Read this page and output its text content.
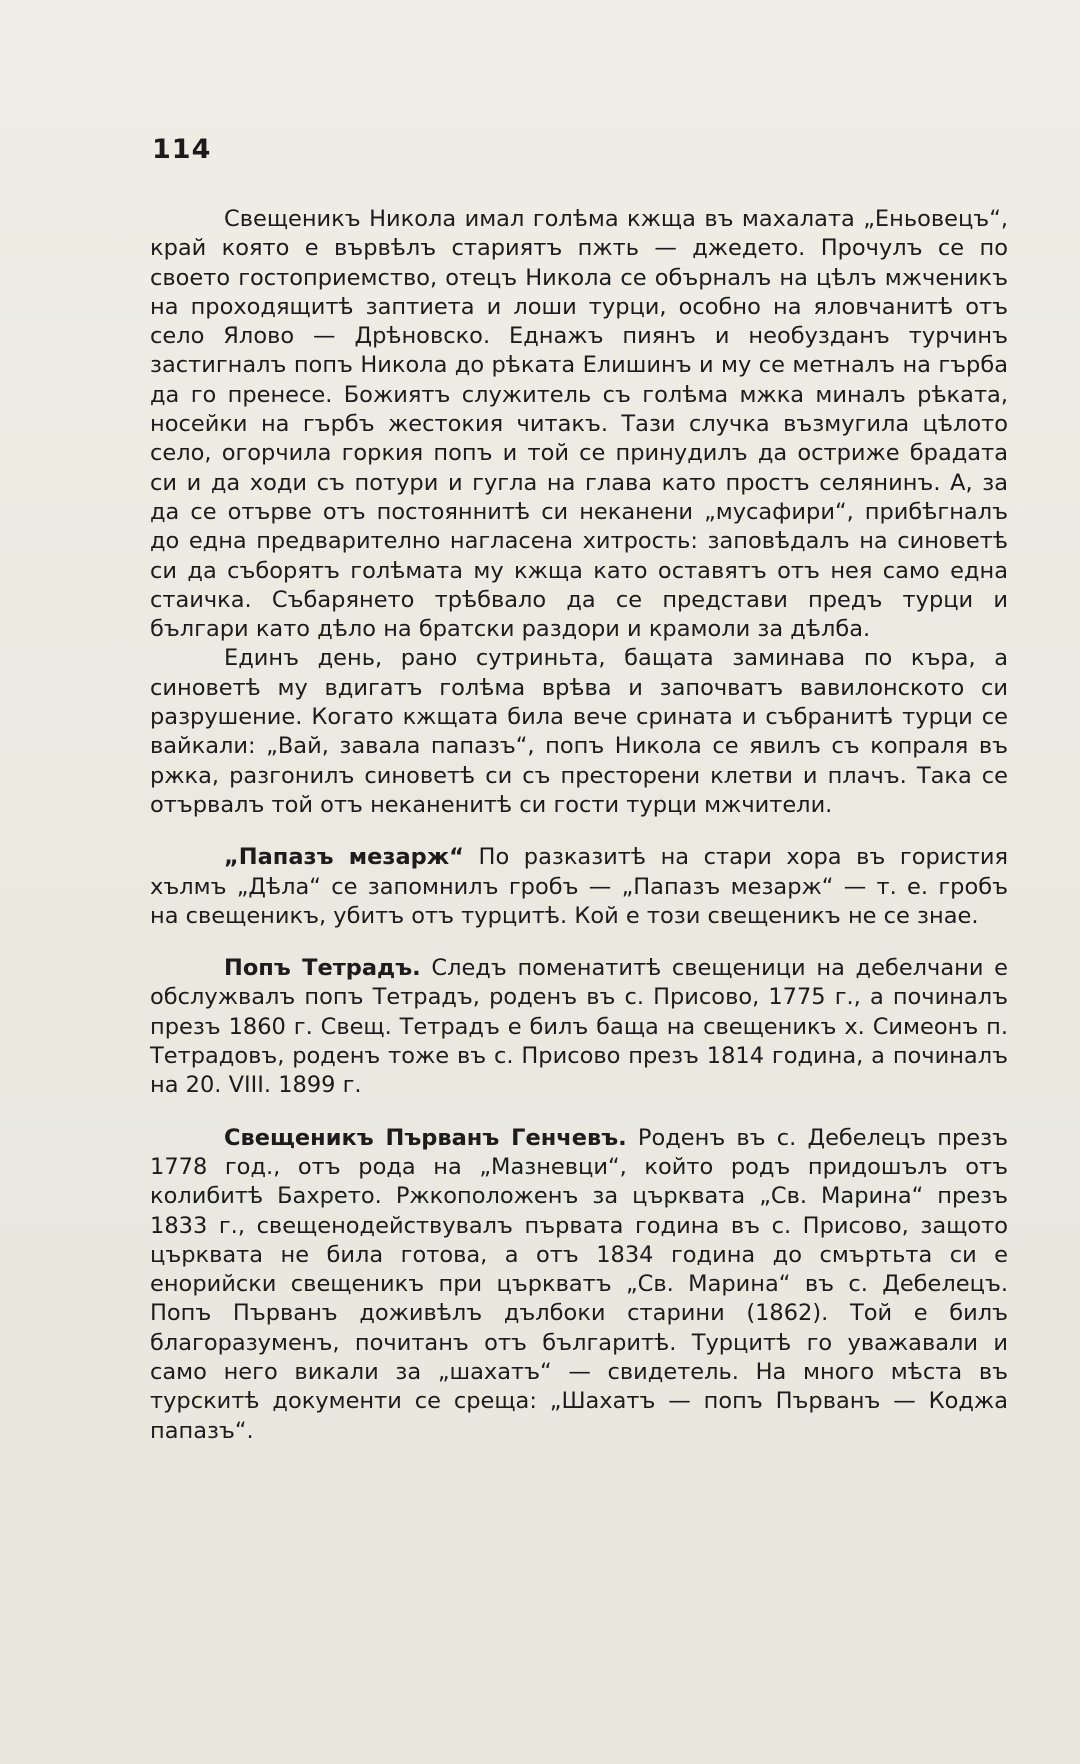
114

Свещеникъ Никола имал голѣма кжща въ махалата „Еньовецъ“, край която е вървѣлъ стариятъ пжть — джедето. Прочулъ се по своето гостоприемство, отецъ Никола се обърналъ на цѣлъ мжченикъ на проходящитѣ заптиета и лоши турци, особно на яловчанитѣ отъ село Ялово — Дрѣновско. Еднажъ пиянъ и необузданъ турчинъ застигналъ попъ Никола до рѣката Елишинъ и му се метналъ на гърба да го пренесе. Божиятъ служитель съ голѣма мжка миналъ рѣката, носейки на гърбъ жестокия читакъ. Тази случка възмугила цѣлото село, огорчила горкия попъ и той се принудилъ да остриже брадата си и да ходи съ потури и гугла на глава като простъ селянинъ. А, за да се отърве отъ постояннитѣ си неканени „мусафири“, прибѣгналъ до една предварително нагласена хитрость: заповѣдалъ на синоветѣ си да съборятъ голѣмата му кжща като оставятъ отъ нея само една стаичка. Събарянето трѣбвало да се представи предъ турци и българи като дѣло на братски раздори и крамоли за дѣлба.

Единъ день, рано сутриньта, бащата заминава по кърa, а синоветѣ му вдигатъ голѣма врѣва и започватъ вавилонското си разрушение. Когато кжщата била вече срината и събранитѣ турци се вайкали: „Вай, завала папазъ“, попъ Никола се явилъ съ копраля въ ржка, разгонилъ синоветѣ си съ престорени клетви и плачъ. Така се отървалъ той отъ неканенитѣ си гости турци мжчители.

„Папазъ мезарж“ По разказитѣ на стари хора въ гористия хълмъ „Дѣла“ се запомнилъ гробъ — „Папазъ мезарж“ — т. е. гробъ на свещеникъ, убитъ отъ турцитѣ. Кой е този свещеникъ не се знае.

Попъ Тетрадъ. Следъ поменатитѣ свещеници на дебелчани е обслужвалъ попъ Тетрадъ, роденъ въ с. Присово, 1775 г., а починалъ презъ 1860 г. Свещ. Тетрадъ е билъ баща на свещеникъ х. Симеонъ п. Тетрадовъ, роденъ тоже въ с. Присово презъ 1814 година, а починалъ на 20. VIII. 1899 г.

Свещеникъ Първанъ Генчевъ. Роденъ въ с. Дебелецъ презъ 1778 год., отъ рода на „Мазневци“, който родъ придошълъ отъ колибитѣ Бахрето. Ржкоположенъ за църквата „Св. Марина“ презъ 1833 г., свещенодействувалъ първата година въ с. Присово, защото църквата не била готова, а отъ 1834 година до смъртьта си е енорийски свещеникъ при църкватъ „Св. Марина“ въ с. Дебелецъ. Попъ Първанъ доживѣлъ дълбоки старини (1862). Той е билъ благоразуменъ, почитанъ отъ българитѣ. Турцитѣ го уважавали и само него викали за „шахатъ“ — свидетель. На много мѣста въ турскитѣ документи се среща: „Шахатъ — попъ Първанъ — Коджа папазъ“.
